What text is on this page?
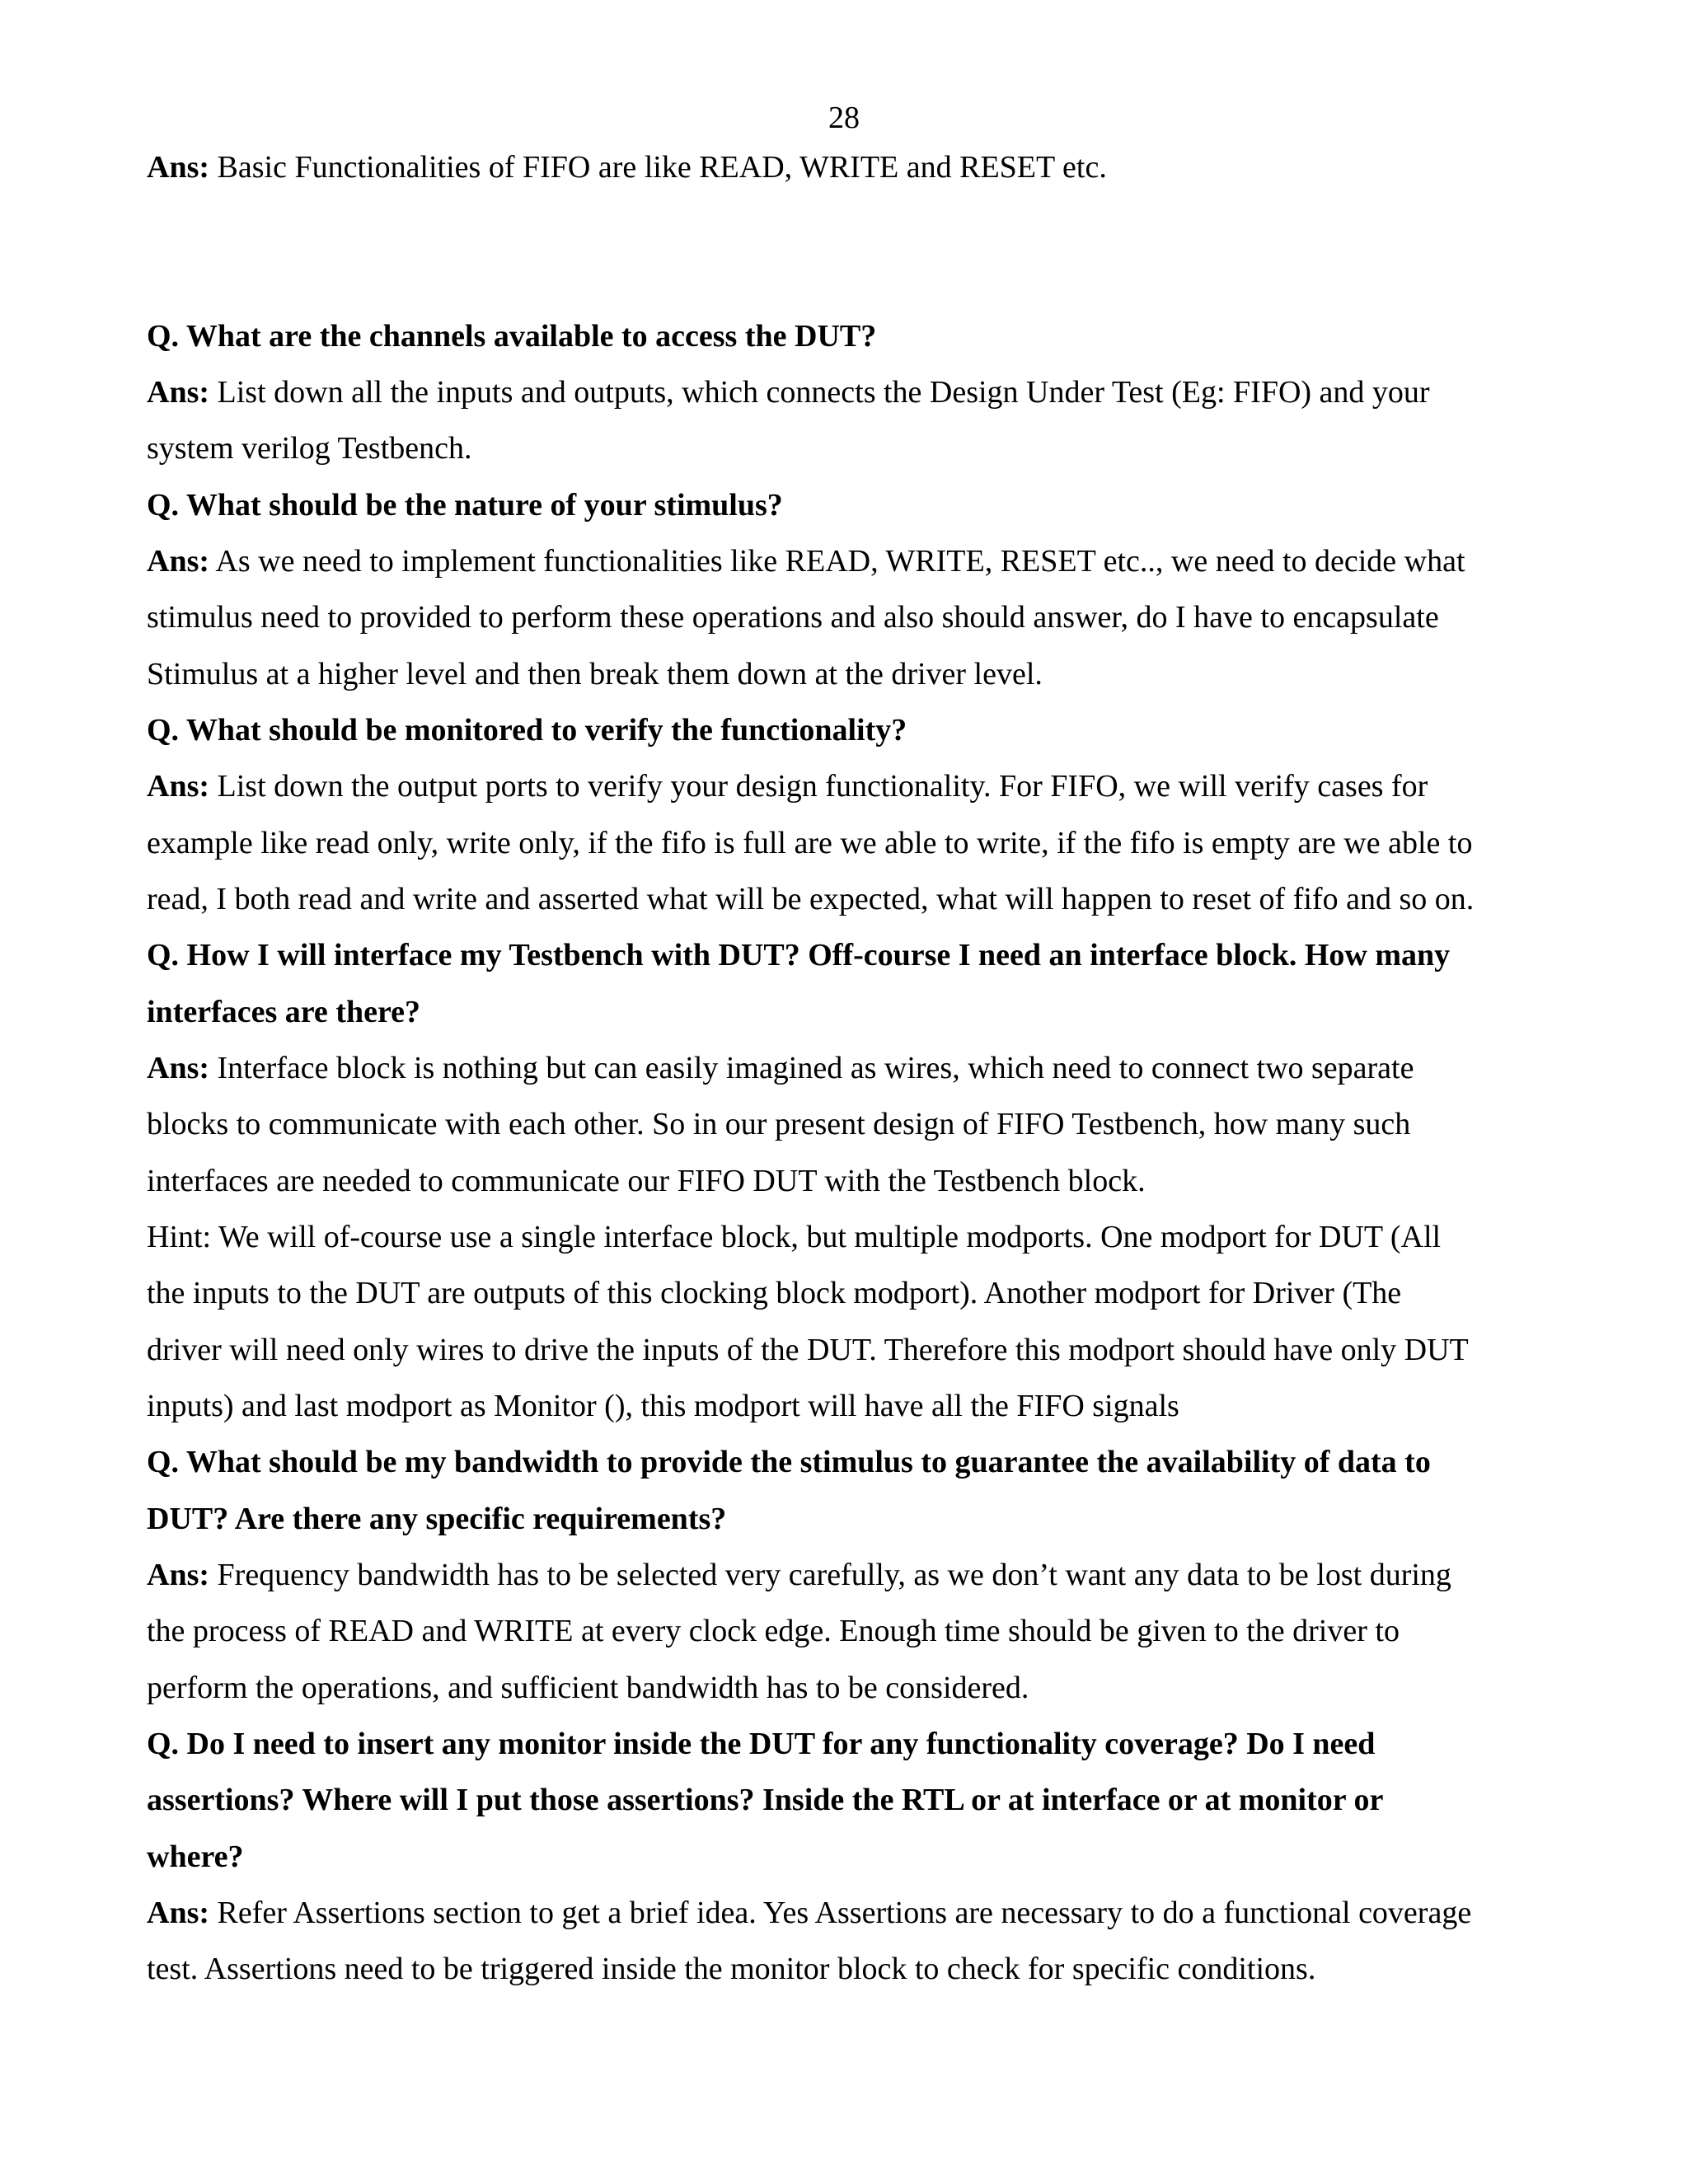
28
Ans: Basic Functionalities of FIFO are like READ, WRITE and RESET etc.
Q. What are the channels available to access the DUT?
Ans: List down all the inputs and outputs, which connects the Design Under Test (Eg: FIFO) and your
system verilog Testbench.
Q. What should be the nature of your stimulus?
Ans: As we need to implement functionalities like READ, WRITE, RESET etc.., we need to decide what
stimulus need to provided to perform these operations and also should answer, do I have to encapsulate
Stimulus at a higher level and then break them down at the driver level.
Q. What should be monitored to verify the functionality?
Ans: List down the output ports to verify your design functionality. For FIFO, we will verify cases for
example like read only, write only, if the fifo is full are we able to write, if the fifo is empty are we able to
read, I both read and write and asserted what will be expected, what will happen to reset of fifo and so on.
Q. How I will interface my Testbench with DUT? Off-course I need an interface block. How many
interfaces are there?
Ans: Interface block is nothing but can easily imagined as wires, which need to connect two separate
blocks to communicate with each other. So in our present design of FIFO Testbench, how many such
interfaces are needed to communicate our FIFO DUT with the Testbench block.
Hint: We will of-course use a single interface block, but multiple modports. One modport for DUT (All
the inputs to the DUT are outputs of this clocking block modport). Another modport for Driver (The
driver will need only wires to drive the inputs of the DUT. Therefore this modport should have only DUT
inputs) and last modport as Monitor (), this modport will have all the FIFO signals
Q. What should be my bandwidth to provide the stimulus to guarantee the availability of data to
DUT? Are there any specific requirements?
Ans: Frequency bandwidth has to be selected very carefully, as we don’t want any data to be lost during
the process of READ and WRITE at every clock edge. Enough time should be given to the driver to
perform the operations, and sufficient bandwidth has to be considered.
Q. Do I need to insert any monitor inside the DUT for any functionality coverage? Do I need
assertions? Where will I put those assertions? Inside the RTL or at interface or at monitor or
where?
Ans: Refer Assertions section to get a brief idea. Yes Assertions are necessary to do a functional coverage
test. Assertions need to be triggered inside the monitor block to check for specific conditions.
